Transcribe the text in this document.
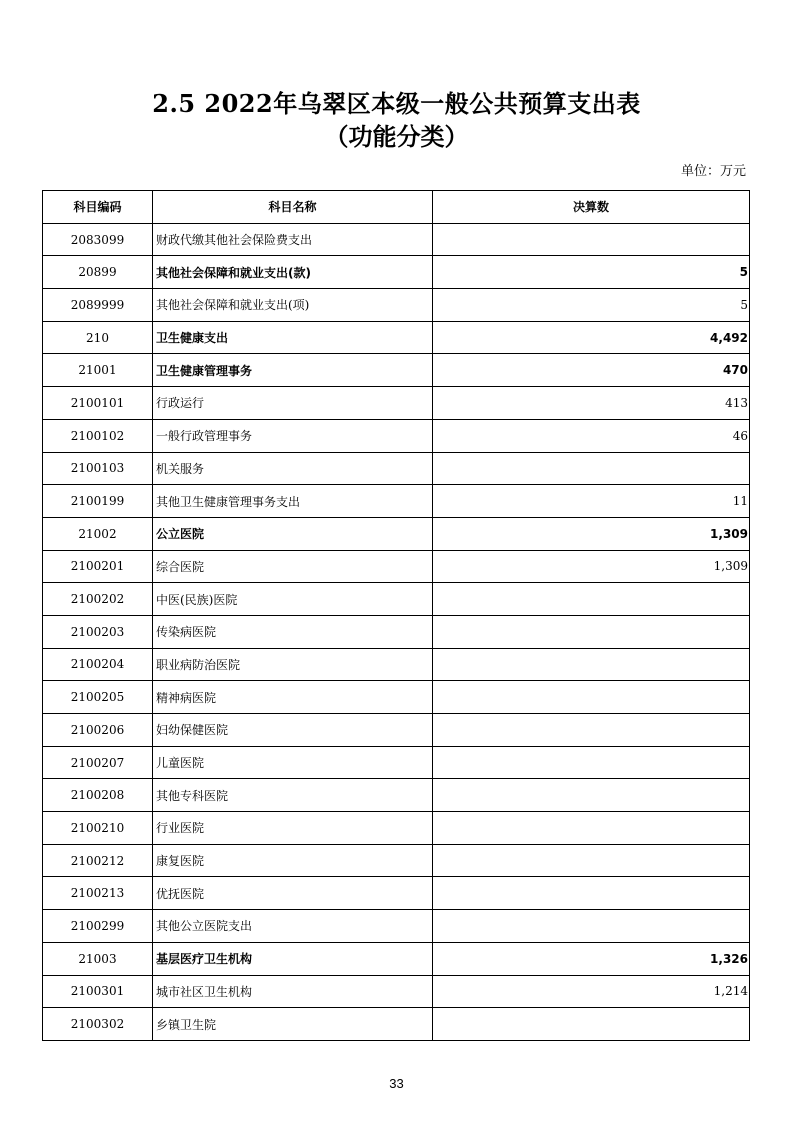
2.5 2022年乌翠区本级一般公共预算支出表
（功能分类）
单位：万元
科目编码	科目名称	决算数
2083099	财政代缴其他社会保险费支出	
20899	其他社会保障和就业支出(款)	5
2089999	其他社会保障和就业支出(项)	5
210	卫生健康支出	4,492
21001	卫生健康管理事务	470
2100101	行政运行	413
2100102	一般行政管理事务	46
2100103	机关服务	
2100199	其他卫生健康管理事务支出	11
21002	公立医院	1,309
2100201	综合医院	1,309
2100202	中医(民族)医院	
2100203	传染病医院	
2100204	职业病防治医院	
2100205	精神病医院	
2100206	妇幼保健医院	
2100207	儿童医院	
2100208	其他专科医院	
2100210	行业医院	
2100212	康复医院	
2100213	优抚医院	
2100299	其他公立医院支出	
21003	基层医疗卫生机构	1,326
2100301	城市社区卫生机构	1,214
2100302	乡镇卫生院	
33
